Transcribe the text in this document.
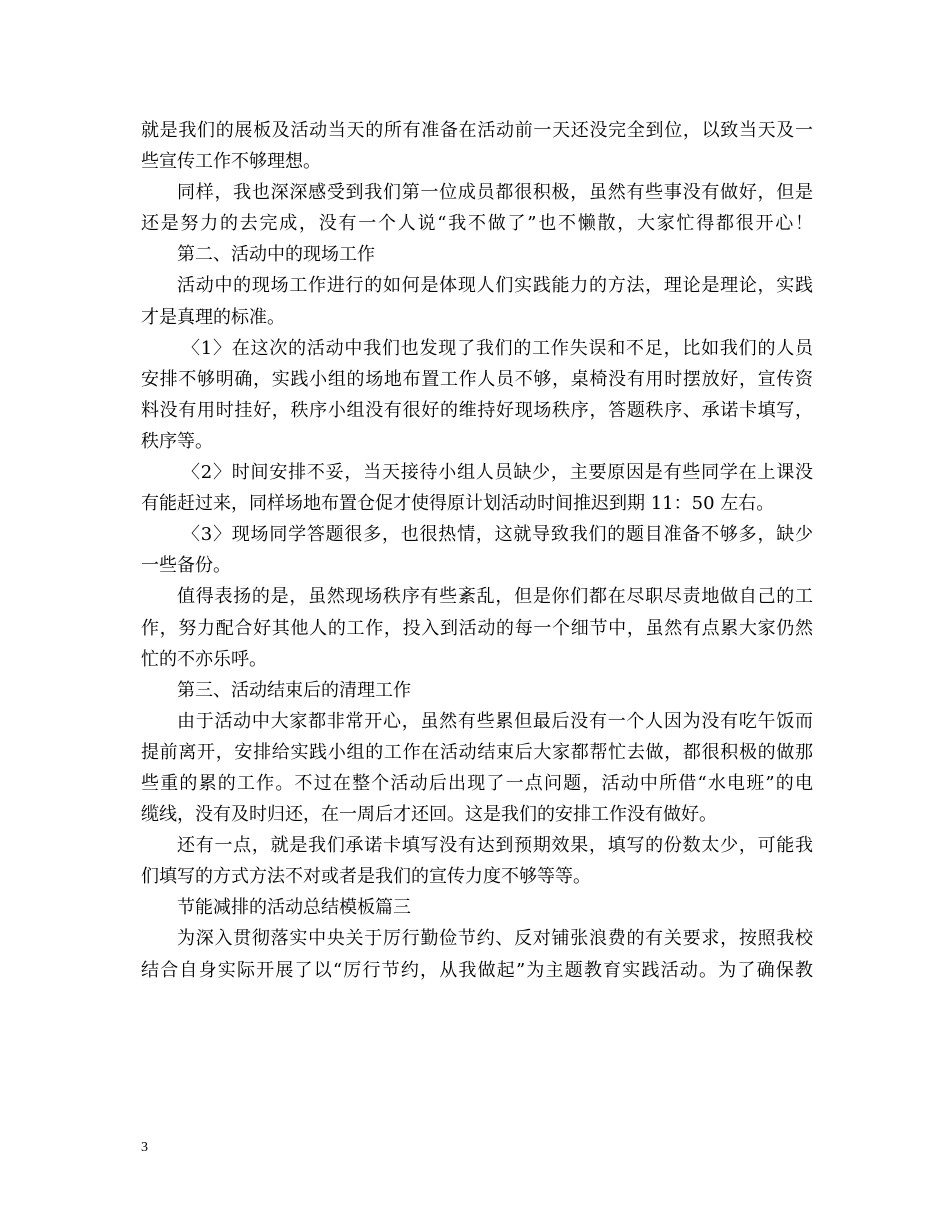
就是我们的展板及活动当天的所有准备在活动前一天还没完全到位，以致当天及一
些宣传工作不够理想。
同样，我也深深感受到我们第一位成员都很积极，虽然有些事没有做好，但是
还是努力的去完成，没有一个人说“我不做了”也不懒散，大家忙得都很开心！
第二、活动中的现场工作
活动中的现场工作进行的如何是体现人们实践能力的方法，理论是理论，实践
才是真理的标准。
〈1〉在这次的活动中我们也发现了我们的工作失误和不足，比如我们的人员
安排不够明确，实践小组的场地布置工作人员不够，桌椅没有用时摆放好，宣传资
料没有用时挂好，秩序小组没有很好的维持好现场秩序，答题秩序、承诺卡填写，
秩序等。
〈2〉时间安排不妥，当天接待小组人员缺少，主要原因是有些同学在上课没
有能赶过来，同样场地布置仓促才使得原计划活动时间推迟到期 11：50 左右。
〈3〉现场同学答题很多，也很热情，这就导致我们的题目准备不够多，缺少
一些备份。
值得表扬的是，虽然现场秩序有些紊乱，但是你们都在尽职尽责地做自己的工
作，努力配合好其他人的工作，投入到活动的每一个细节中，虽然有点累大家仍然
忙的不亦乐呼。
第三、活动结束后的清理工作
由于活动中大家都非常开心，虽然有些累但最后没有一个人因为没有吃午饭而
提前离开，安排给实践小组的工作在活动结束后大家都帮忙去做，都很积极的做那
些重的累的工作。不过在整个活动后出现了一点问题，活动中所借“水电班”的电
缆线，没有及时归还，在一周后才还回。这是我们的安排工作没有做好。
还有一点，就是我们承诺卡填写没有达到预期效果，填写的份数太少，可能我
们填写的方式方法不对或者是我们的宣传力度不够等等。
节能减排的活动总结模板篇三
为深入贯彻落实中央关于厉行勤俭节约、反对铺张浪费的有关要求，按照我校
结合自身实际开展了以“厉行节约，从我做起”为主题教育实践活动。为了确保教
3
